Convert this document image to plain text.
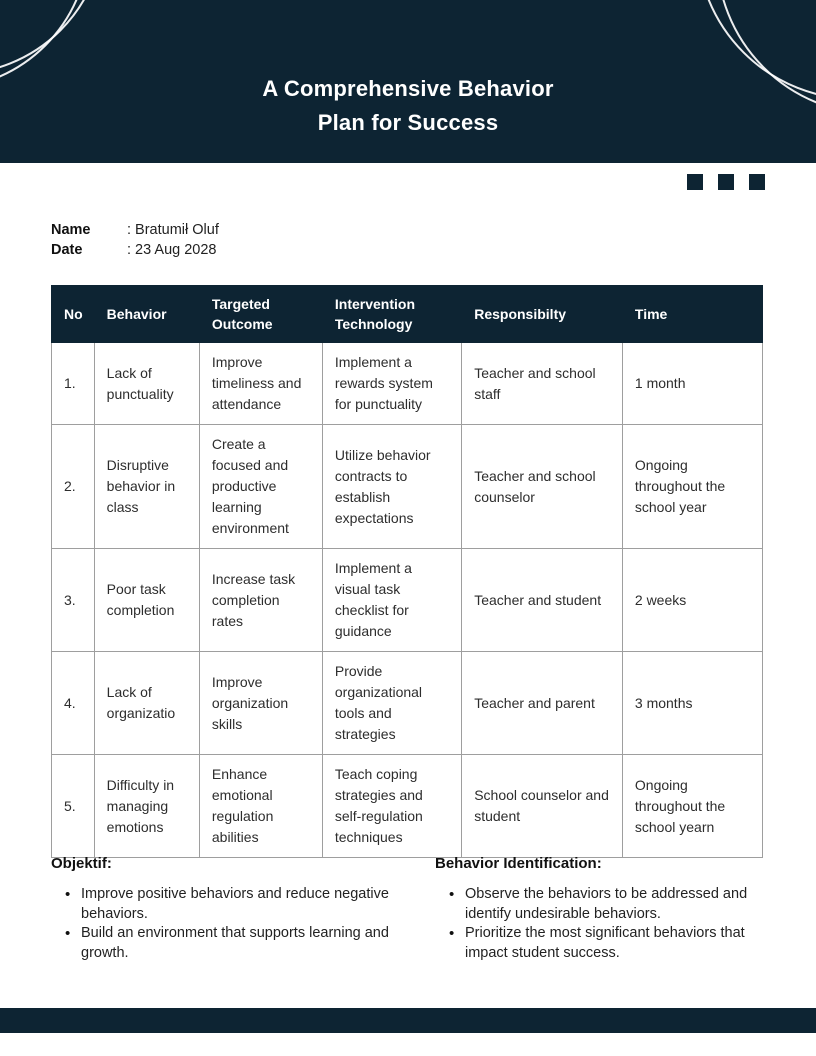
A Comprehensive Behavior
Plan for Success
Name	: Bratumił Oluf
Date	: 23 Aug 2028
No	Behavior	Targeted Outcome	Intervention Technology	Responsibilty	Time
1.	Lack of punctuality	Improve timeliness and attendance	Implement a rewards system for punctuality	Teacher and school staff	1 month
2.	Disruptive behavior in class	Create a focused and productive learning environment	Utilize behavior contracts to establish expectations	Teacher and school counselor	Ongoing throughout the school year
3.	Poor task completion	Increase task completion rates	Implement a visual task checklist for guidance	Teacher and student	2 weeks
4.	Lack of organizatio	Improve organization skills	Provide organizational tools and strategies	Teacher and parent	3 months
5.	Difficulty in managing emotions	Enhance emotional regulation abilities	Teach coping strategies and self-regulation techniques	School counselor and student	Ongoing throughout the school yearn
Objektif:
• Improve positive behaviors and reduce negative behaviors.
• Build an environment that supports learning and growth.
Behavior Identification:
• Observe the behaviors to be addressed and identify undesirable behaviors.
• Prioritize the most significant behaviors that impact student success.
